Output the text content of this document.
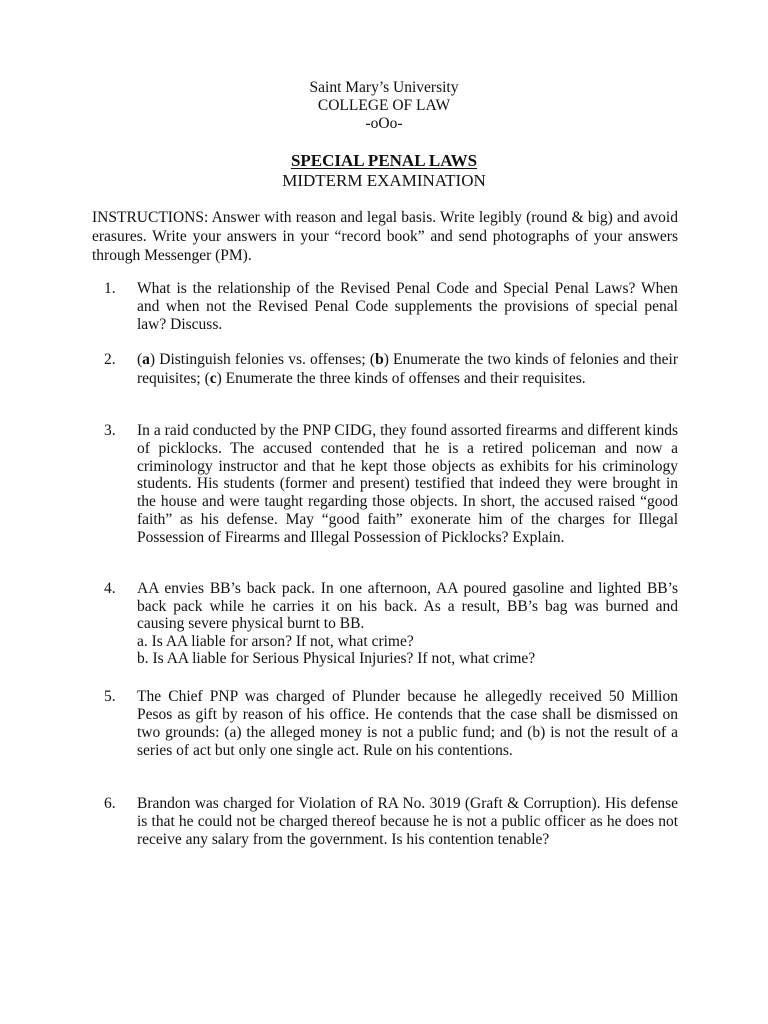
Saint Mary’s University
COLLEGE OF LAW
-oOo-
SPECIAL PENAL LAWS
MIDTERM EXAMINATION
INSTRUCTIONS: Answer with reason and legal basis. Write legibly (round & big) and avoid erasures. Write your answers in your “record book” and send photographs of your answers through Messenger (PM).
1.	What is the relationship of the Revised Penal Code and Special Penal Laws? When and when not the Revised Penal Code supplements the provisions of special penal law? Discuss.
2.	(a) Distinguish felonies vs. offenses; (b) Enumerate the two kinds of felonies and their requisites; (c) Enumerate the three kinds of offenses and their requisites.
3.	In a raid conducted by the PNP CIDG, they found assorted firearms and different kinds of picklocks. The accused contended that he is a retired policeman and now a criminology instructor and that he kept those objects as exhibits for his criminology students. His students (former and present) testified that indeed they were brought in the house and were taught regarding those objects. In short, the accused raised “good faith” as his defense. May “good faith” exonerate him of the charges for Illegal Possession of Firearms and Illegal Possession of Picklocks? Explain.
4.	AA envies BB’s back pack. In one afternoon, AA poured gasoline and lighted BB’s back pack while he carries it on his back. As a result, BB’s bag was burned and causing severe physical burnt to BB.
a. Is AA liable for arson? If not, what crime?
b. Is AA liable for Serious Physical Injuries? If not, what crime?
5.	The Chief PNP was charged of Plunder because he allegedly received 50 Million Pesos as gift by reason of his office. He contends that the case shall be dismissed on two grounds: (a) the alleged money is not a public fund; and (b) is not the result of a series of act but only one single act. Rule on his contentions.
6.	Brandon was charged for Violation of RA No. 3019 (Graft & Corruption). His defense is that he could not be charged thereof because he is not a public officer as he does not receive any salary from the government. Is his contention tenable?
